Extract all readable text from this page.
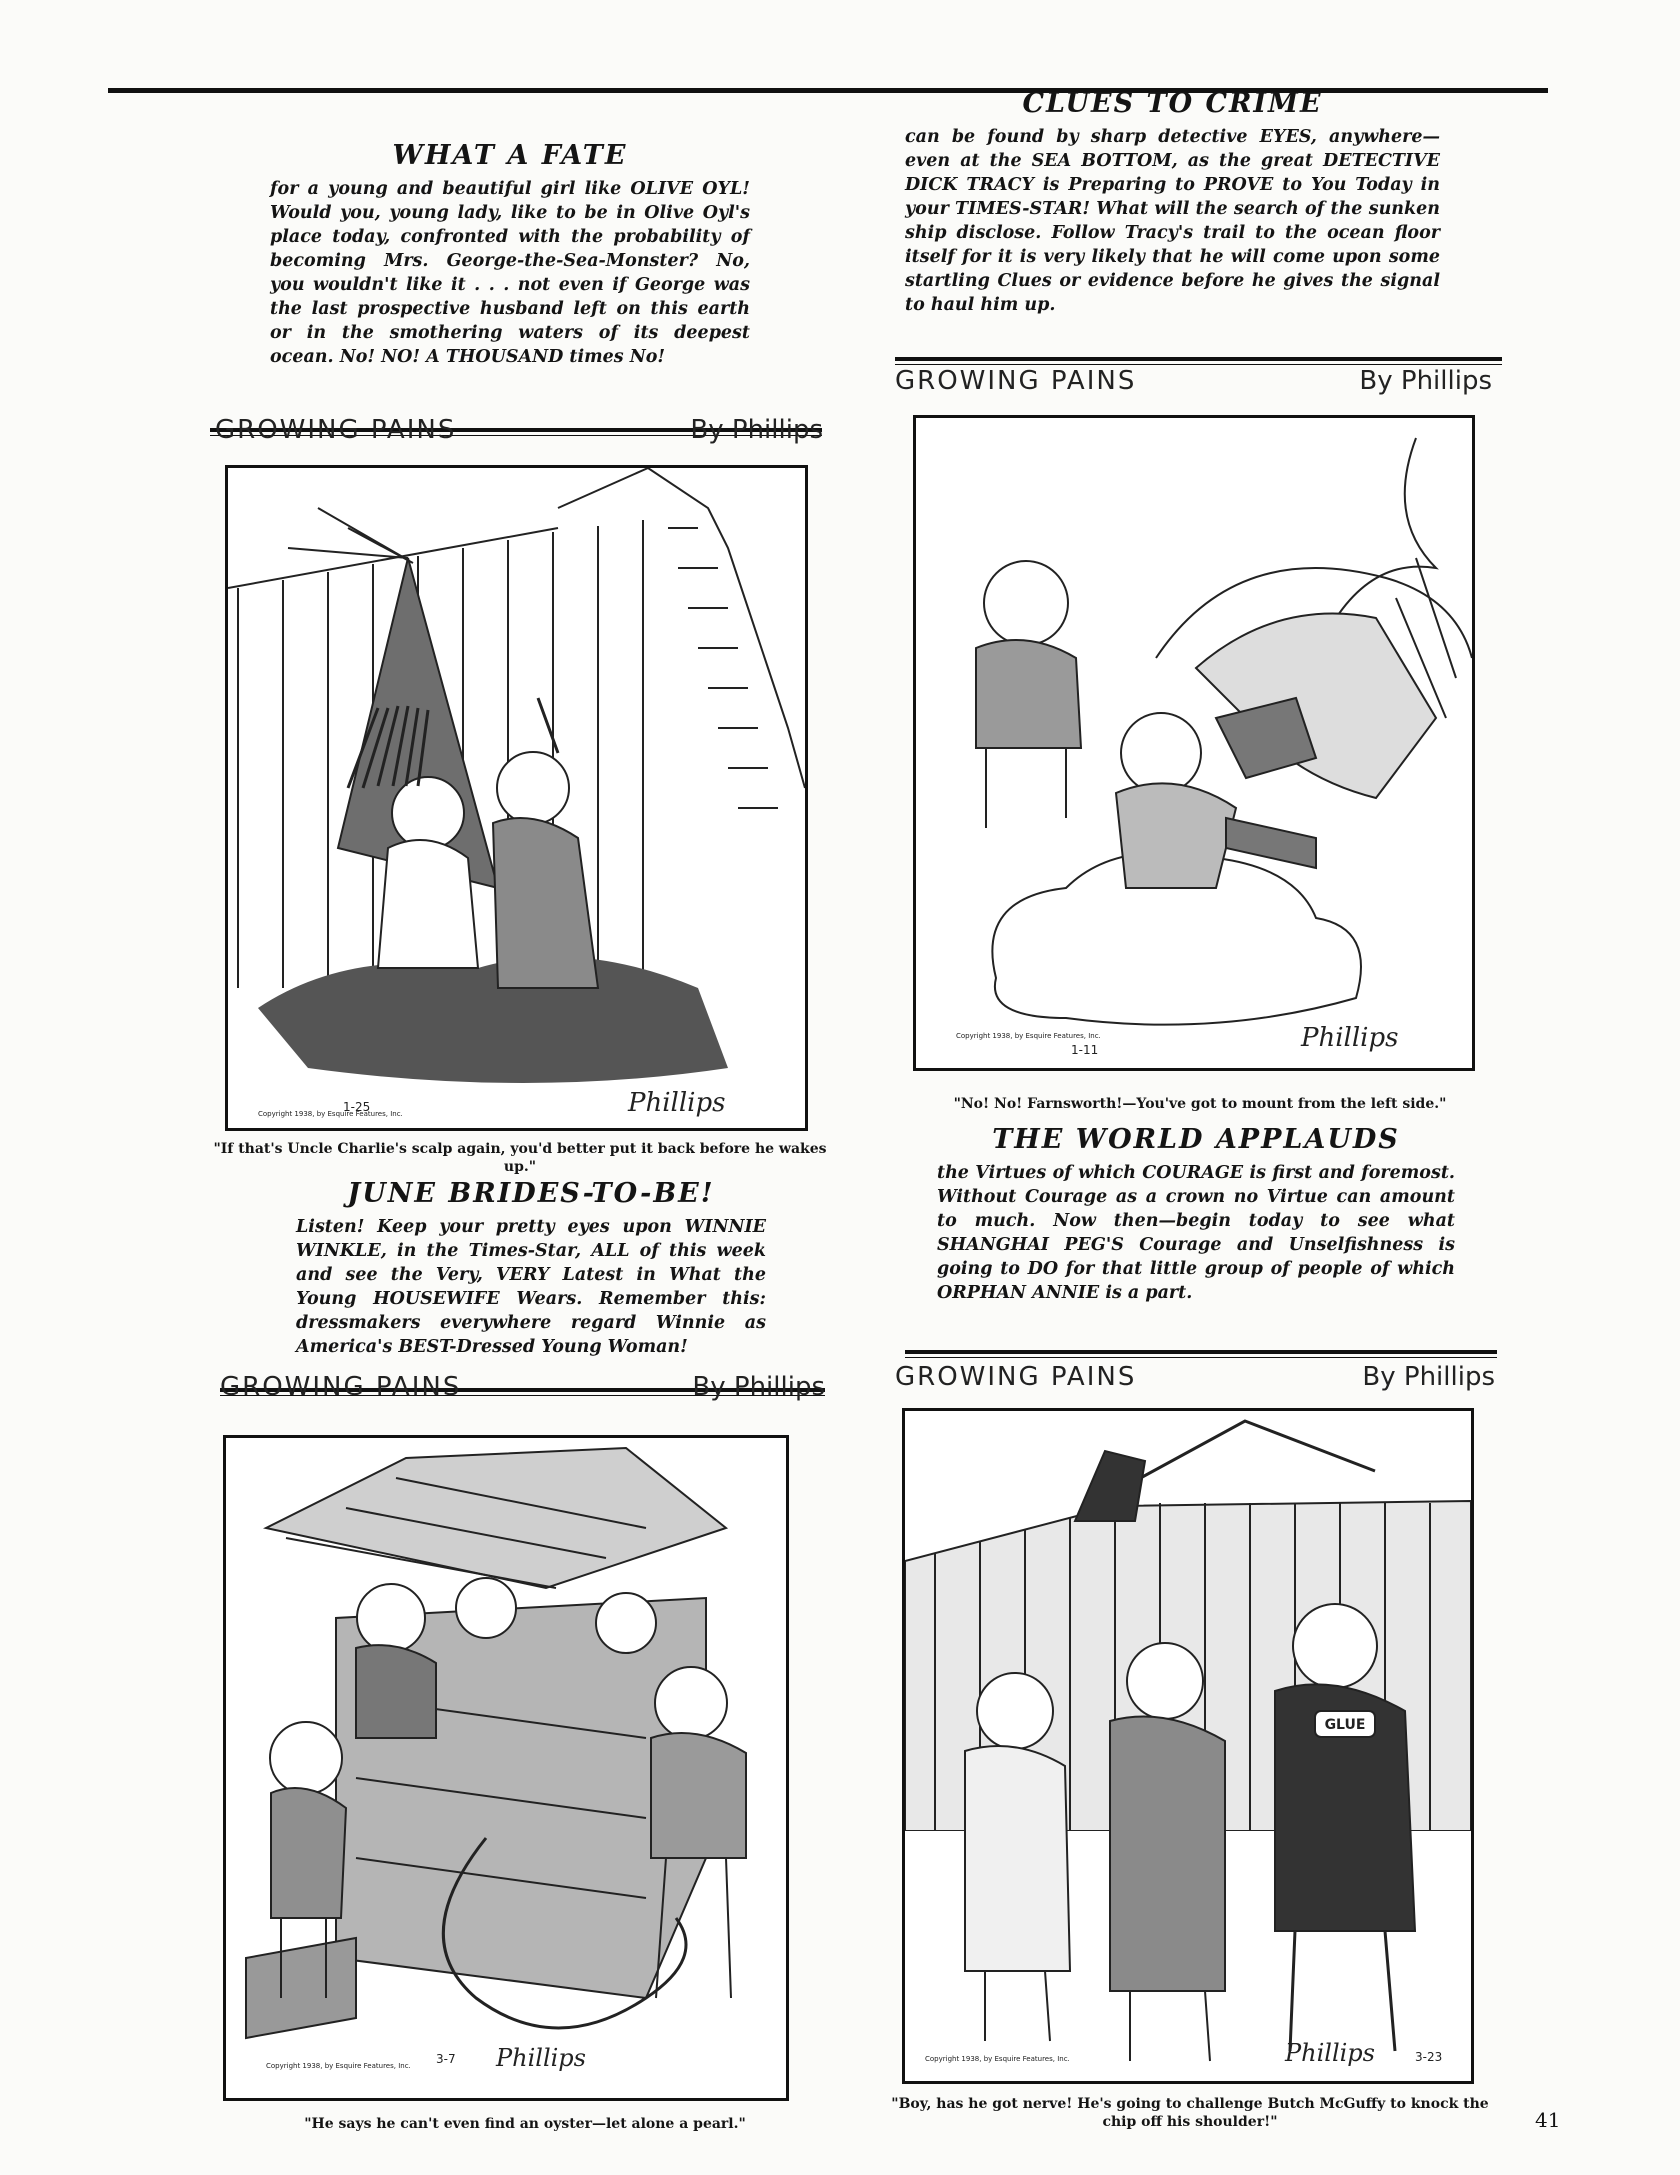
WHAT A FATE

for a young and beautiful girl like OLIVE OYL! Would you, young lady, like to be in Olive Oyl's place today, confronted with the probability of becoming Mrs. George-the-Sea-Monster? No, you wouldn't like it . . . not even if George was the last prospective husband left on this earth or in the smothering waters of its deepest ocean. No! NO! A THOUSAND times No!

CLUES TO CRIME

can be found by sharp detective EYES, anywhere—even at the SEA BOTTOM, as the great DETECTIVE DICK TRACY is Preparing to PROVE to You Today in your TIMES-STAR! What will the search of the sunken ship disclose. Follow Tracy's trail to the ocean floor itself for it is very likely that he will come upon some startling Clues or evidence before he gives the signal to haul him up.

GROWING PAINS	By Phillips
Copyright 1938, by Esquire Features, Inc.
1-25	Phillips
"If that's Uncle Charlie's scalp again, you'd better put it back before he wakes up."
JUNE BRIDES-TO-BE!

Listen! Keep your pretty eyes upon WINNIE WINKLE, in the Times-Star, ALL of this week and see the Very, VERY Latest in What the Young HOUSEWIFE Wears. Remember this: dressmakers everywhere regard Winnie as America's BEST-Dressed Young Woman!

GROWING PAINS	By Phillips
Copyright 1938, by Esquire Features, Inc.
1-11	Phillips
"No! No! Farnsworth!—You've got to mount from the left side."
THE WORLD APPLAUDS

the Virtues of which COURAGE is first and foremost. Without Courage as a crown no Virtue can amount to much. Now then—begin today to see what SHANGHAI PEG'S Courage and Unselfishness is going to DO for that little group of people of which ORPHAN ANNIE is a part.

GROWING PAINS	By Phillips
Copyright 1938, by Esquire Features, Inc. 3-7 Phillips
"He says he can't even find an oyster—let alone a pearl."
GROWING PAINS	By Phillips
GLUE
Copyright 1938, by Esquire Features, Inc.	Phillips	3-23
"Boy, has he got nerve! He's going to challenge Butch McGuffy to knock the chip off his shoulder!"	41
